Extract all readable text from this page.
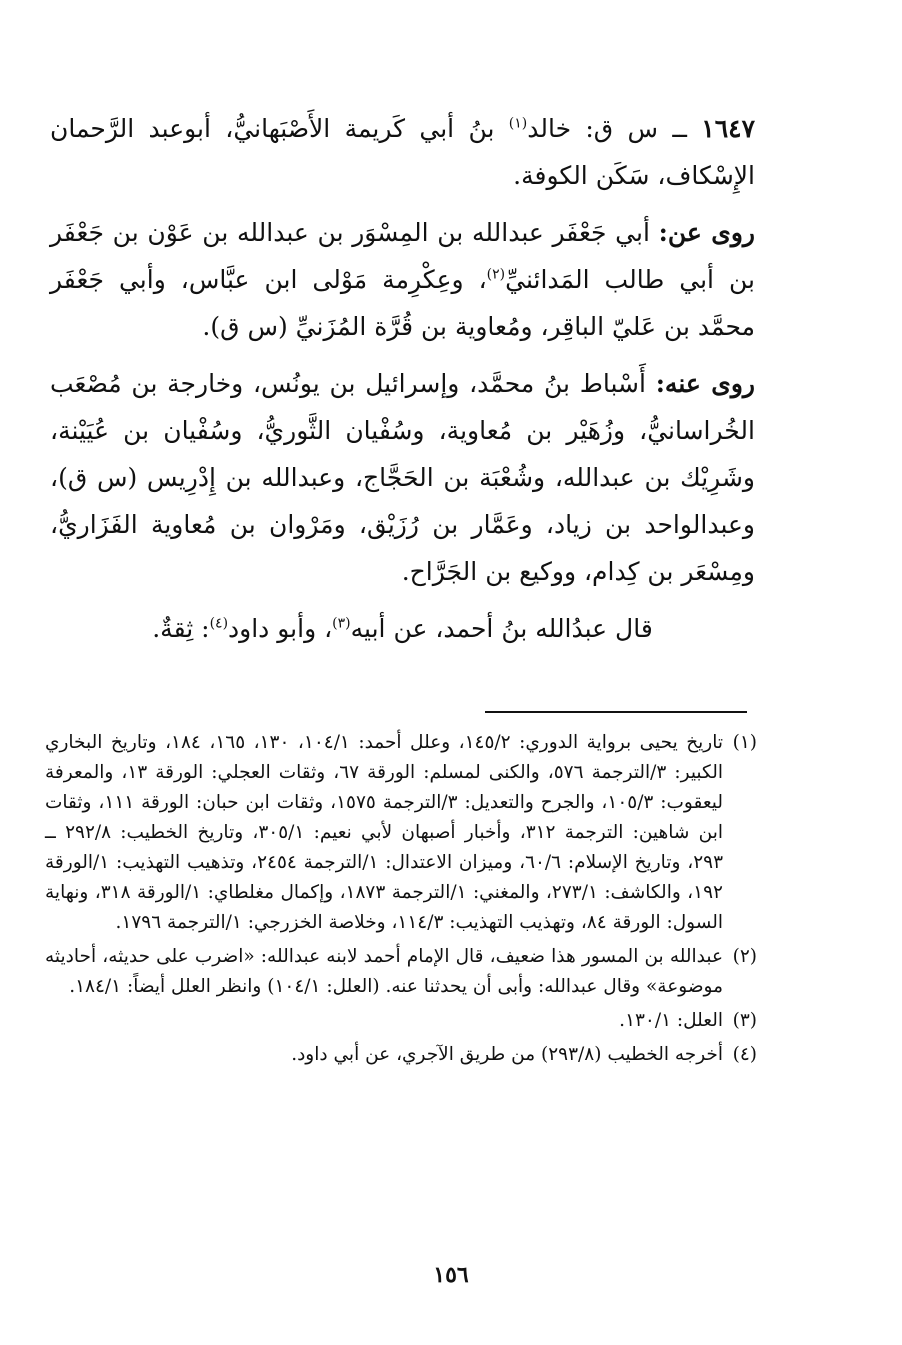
١٦٤٧ ــ س ق: خالد$^{(١)}$ بنُ أبي كَريمة الأَصْبَهانيُّ، أبوعبد الرَّحمان الإِسْكاف، سَكَن الكوفة.

روى عن: أبي جَعْفَر عبدالله بن المِسْوَر بن عبدالله بن عَوْن بن جَعْفَر بن أبي طالب المَدائنيِّ$^{(٢)}$، وعِكْرِمة مَوْلى ابن عبَّاس، وأبي جَعْفَر محمَّد بن عَليّ الباقِر، ومُعاوية بن قُرَّة المُزَنيِّ (س ق).

روى عنه: أَسْباط بنُ محمَّد، وإسرائيل بن يونُس، وخارجة بن مُصْعَب الخُراسانيُّ، وزُهَيْر بن مُعاوية، وسُفْيان الثَّوريُّ، وسُفْيان بن عُيَيْنة، وشَرِيْك بن عبدالله، وشُعْبَة بن الحَجَّاج، وعبدالله بن إِدْرِيس (س ق)، وعبدالواحد بن زياد، وعَمَّار بن رُزَيْق، ومَرْوان بن مُعاوية الفَزَاريُّ، ومِسْعَر بن كِدام، ووكيع بن الجَرَّاح.

قال عبدُالله بنُ أحمد، عن أبيه$^{(٣)}$، وأبو داود$^{(٤)}$: ثِقةٌ.

(١)
تاريخ يحيى برواية الدوري: ١٤٥/٢، وعلل أحمد: ١٠٤/١، ١٣٠، ١٦٥، ١٨٤، وتاريخ البخاري الكبير: ٣/الترجمة ٥٧٦، والكنى لمسلم: الورقة ٦٧، وثقات العجلي: الورقة ١٣، والمعرفة ليعقوب: ١٠٥/٣، والجرح والتعديل: ٣/الترجمة ١٥٧٥، وثقات ابن حبان: الورقة ١١١، وثقات ابن شاهين: الترجمة ٣١٢، وأخبار أصبهان لأبي نعيم: ٣٠٥/١، وتاريخ الخطيب: ٢٩٢/٨ ــ ٢٩٣، وتاريخ الإسلام: ٦٠/٦، وميزان الاعتدال: ١/الترجمة ٢٤٥٤، وتذهيب التهذيب: ١/الورقة ١٩٢، والكاشف: ٢٧٣/١، والمغني: ١/الترجمة ١٨٧٣، وإكمال مغلطاي: ١/الورقة ٣١٨، ونهاية السول: الورقة ٨٤، وتهذيب التهذيب: ١١٤/٣، وخلاصة الخزرجي: ١/الترجمة ١٧٩٦.
(٢)
عبدالله بن المسور هذا ضعيف، قال الإمام أحمد لابنه عبدالله: «اضرب على حديثه، أحاديثه موضوعة» وقال عبدالله: وأبى أن يحدثنا عنه. (العلل: ١٠٤/١) وانظر العلل أيضاً: ١٨٤/١.
(٣)
العلل: ١٣٠/١.
(٤)
أخرجه الخطيب (٢٩٣/٨) من طريق الآجري، عن أبي داود.
١٥٦
